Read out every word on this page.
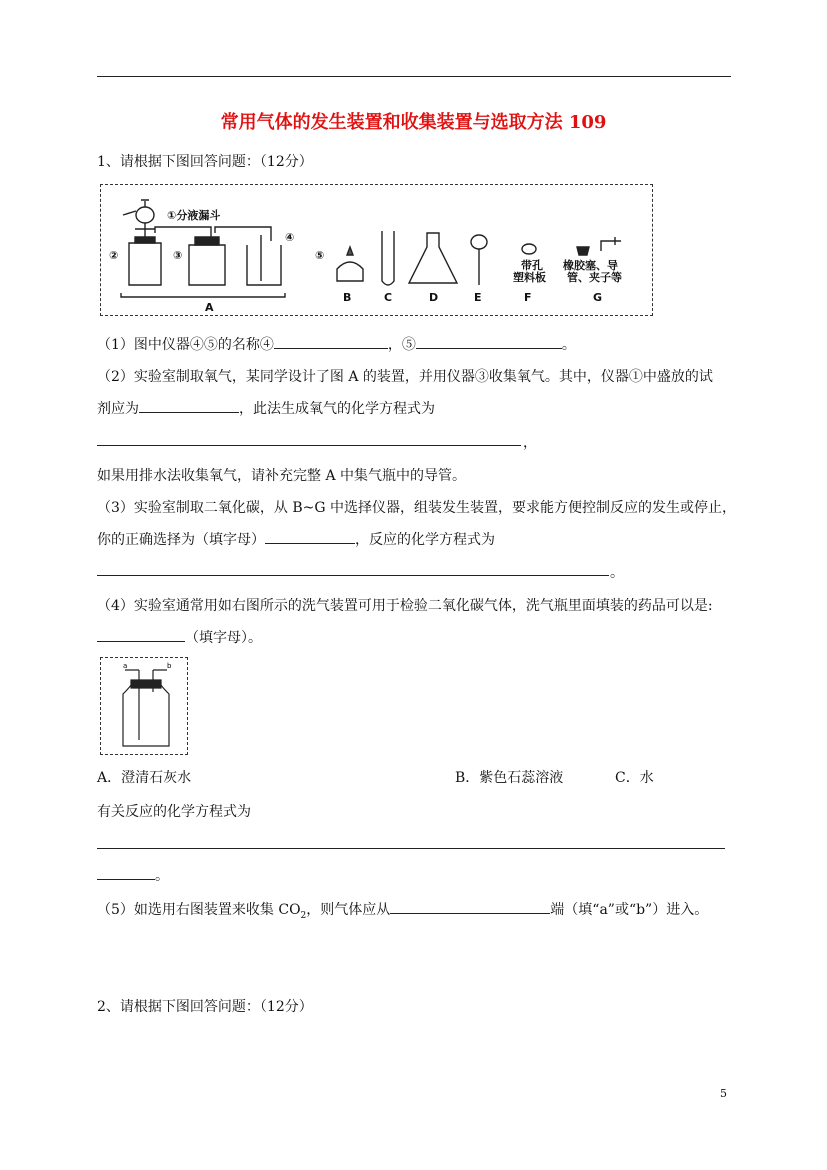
常用气体的发生装置和收集装置与选取方法 109
1、请根据下图回答问题：（12分）
①分液漏斗
②	③
④
⑤
A
B	C	D	E	F	G
带孔
塑料板
橡胶塞、导
管、夹子等
（1）图中仪器④⑤的名称④	，⑤	。
（2）实验室制取氧气，某同学设计了图 A 的装置，并用仪器③收集氧气。其中，仪器①中盛放的试
剂应为	，此法生成氧气的化学方程式为
，
如果用排水法收集氧气，请补充完整 A 中集气瓶中的导管。
（3）实验室制取二氧化碳，从 B~G 中选择仪器，组装发生装置，要求能方便控制反应的发生或停止，
你的正确选择为（填字母）	，反应的化学方程式为
。
（4）实验室通常用如右图所示的洗气装置可用于检验二氧化碳气体，洗气瓶里面填装的药品可以是:
（填字母）。
a	b
A．澄清石灰水	B．紫色石蕊溶液	C．水
有关反应的化学方程式为
。
（5）如选用右图装置来收集 $CO_2$，则气体应从	端（填“a”或“b”）进入。
2、请根据下图回答问题：（12分）
5
